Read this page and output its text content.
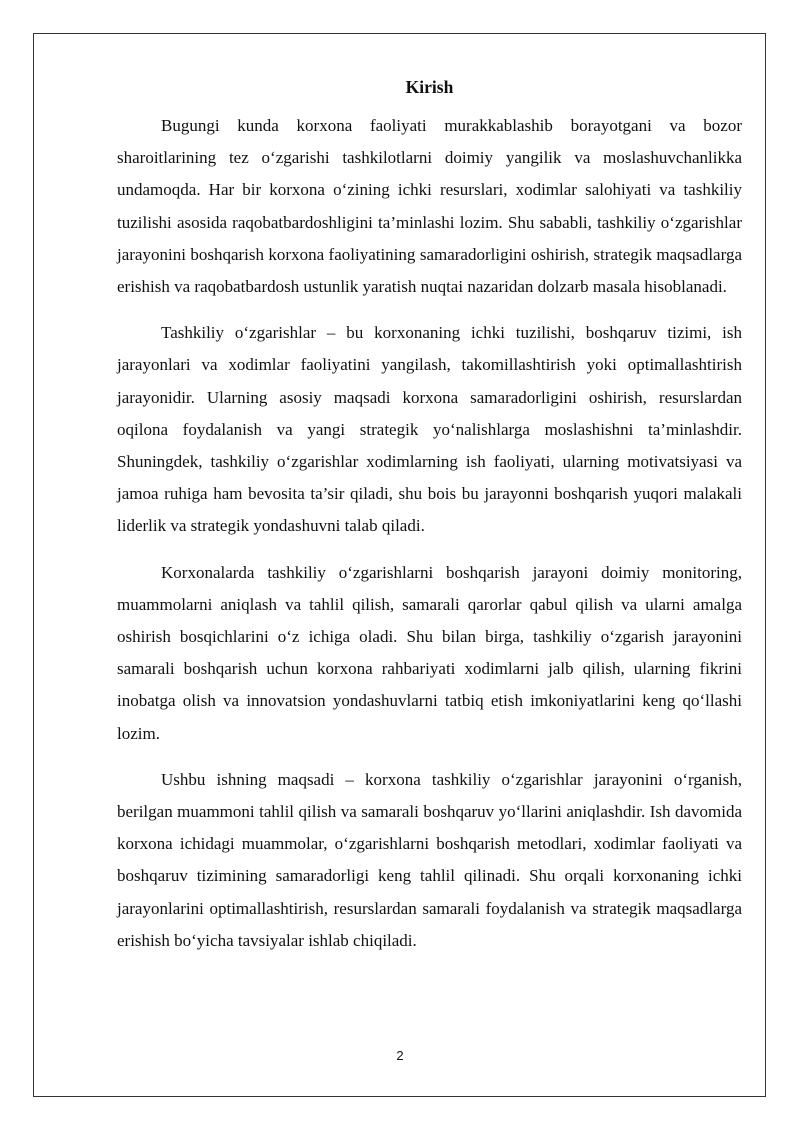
Kirish

Bugungi kunda korxona faoliyati murakkablashib borayotgani va bozor sharoitlarining tez o‘zgarishi tashkilotlarni doimiy yangilik va moslashuvchanlikka undamoqda. Har bir korxona o‘zining ichki resurslari, xodimlar salohiyati va tashkiliy tuzilishi asosida raqobatbardoshligini ta’minlashi lozim. Shu sababli, tashkiliy o‘zgarishlar jarayonini boshqarish korxona faoliyatining samaradorligini oshirish, strategik maqsadlarga erishish va raqobatbardosh ustunlik yaratish nuqtai nazaridan dolzarb masala hisoblanadi.

Tashkiliy o‘zgarishlar – bu korxonaning ichki tuzilishi, boshqaruv tizimi, ish jarayonlari va xodimlar faoliyatini yangilash, takomillashtirish yoki optimallashtirish jarayonidir. Ularning asosiy maqsadi korxona samaradorligini oshirish, resurslardan oqilona foydalanish va yangi strategik yo‘nalishlarga moslashishni ta’minlashdir. Shuningdek, tashkiliy o‘zgarishlar xodimlarning ish faoliyati, ularning motivatsiyasi va jamoa ruhiga ham bevosita ta’sir qiladi, shu bois bu jarayonni boshqarish yuqori malakali liderlik va strategik yondashuvni talab qiladi.

Korxonalarda tashkiliy o‘zgarishlarni boshqarish jarayoni doimiy monitoring, muammolarni aniqlash va tahlil qilish, samarali qarorlar qabul qilish va ularni amalga oshirish bosqichlarini o‘z ichiga oladi. Shu bilan birga, tashkiliy o‘zgarish jarayonini samarali boshqarish uchun korxona rahbariyati xodimlarni jalb qilish, ularning fikrini inobatga olish va innovatsion yondashuvlarni tatbiq etish imkoniyatlarini keng qo‘llashi lozim.

Ushbu ishning maqsadi – korxona tashkiliy o‘zgarishlar jarayonini o‘rganish, berilgan muammoni tahlil qilish va samarali boshqaruv yo‘llarini aniqlashdir. Ish davomida korxona ichidagi muammolar, o‘zgarishlarni boshqarish metodlari, xodimlar faoliyati va boshqaruv tizimining samaradorligi keng tahlil qilinadi. Shu orqali korxonaning ichki jarayonlarini optimallashtirish, resurslardan samarali foydalanish va strategik maqsadlarga erishish bo‘yicha tavsiyalar ishlab chiqiladi.

2
